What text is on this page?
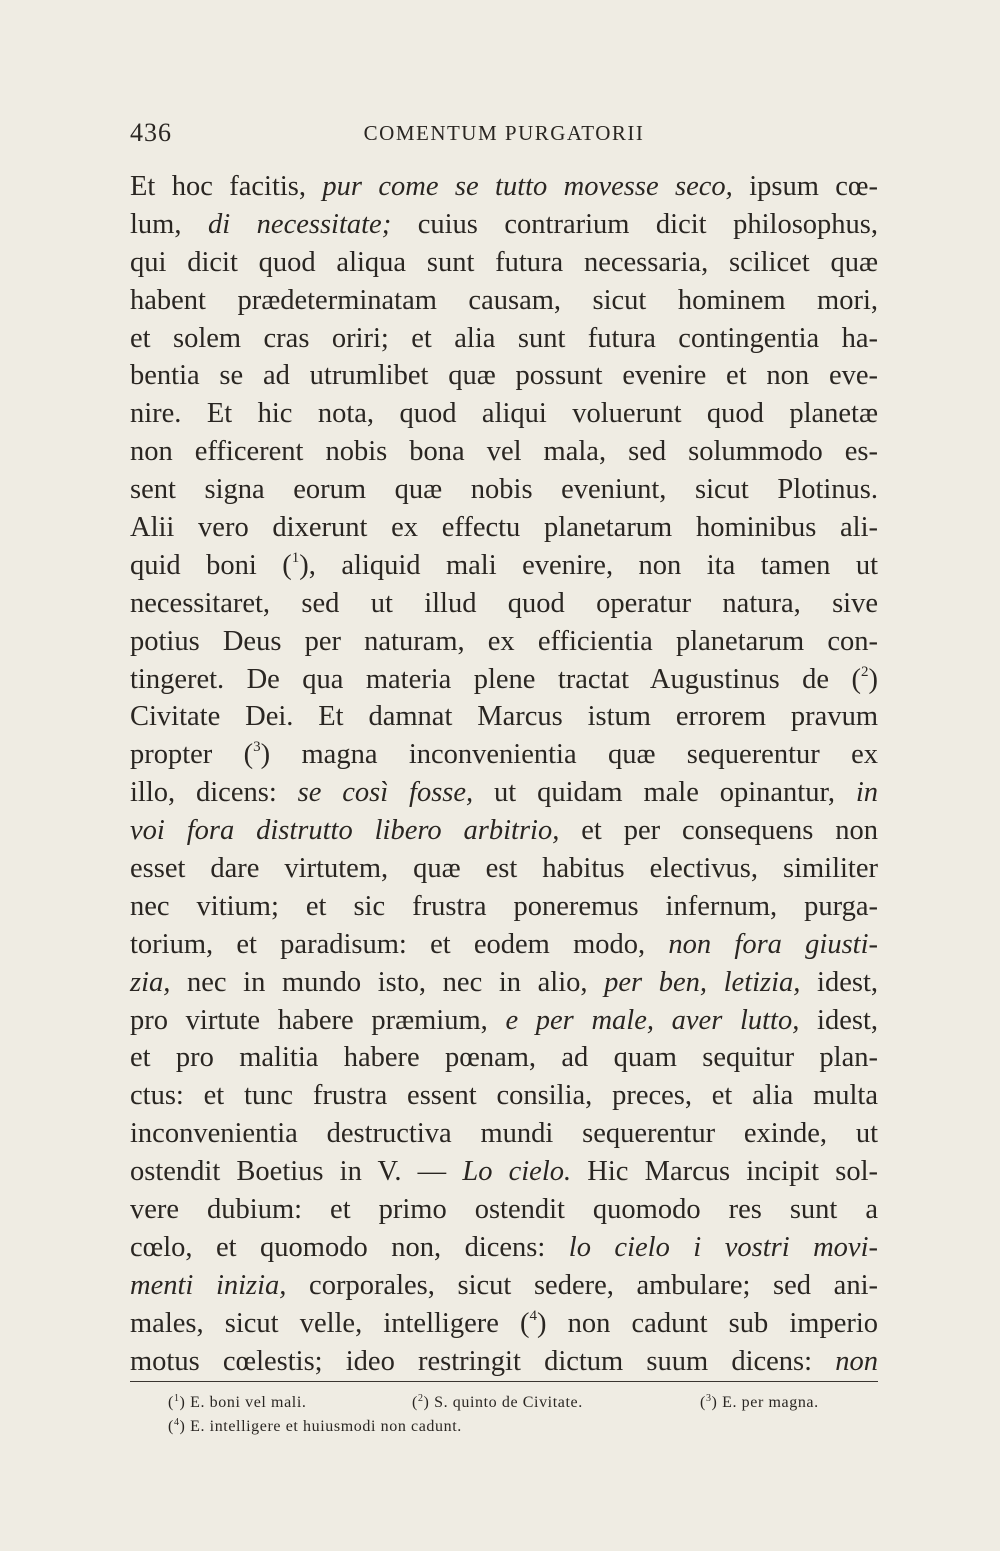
436	COMENTUM PURGATORII
Et hoc facitis, pur come se tutto movesse seco, ipsum cœ-
lum, di necessitate; cuius contrarium dicit philosophus,
qui dicit quod aliqua sunt futura necessaria, scilicet quæ
habent prædeterminatam causam, sicut hominem mori,
et solem cras oriri; et alia sunt futura contingentia ha-
bentia se ad utrumlibet quæ possunt evenire et non eve-
nire. Et hic nota, quod aliqui voluerunt quod planetæ
non efficerent nobis bona vel mala, sed solummodo es-
sent signa eorum quæ nobis eveniunt, sicut Plotinus.
Alii vero dixerunt ex effectu planetarum hominibus ali-
quid boni ($^1$), aliquid mali evenire, non ita tamen ut
necessitaret, sed ut illud quod operatur natura, sive
potius Deus per naturam, ex efficientia planetarum con-
tingeret. De qua materia plene tractat Augustinus de ($^2$)
Civitate Dei. Et damnat Marcus istum errorem pravum
propter ($^3$) magna inconvenientia quæ sequerentur ex
illo, dicens: se così fosse, ut quidam male opinantur, in
voi fora distrutto libero arbitrio, et per consequens non
esset dare virtutem, quæ est habitus electivus, similiter
nec vitium; et sic frustra poneremus infernum, purga-
torium, et paradisum: et eodem modo, non fora giusti-
zia, nec in mundo isto, nec in alio, per ben, letizia, idest,
pro virtute habere præmium, e per male, aver lutto, idest,
et pro malitia habere pœnam, ad quam sequitur plan-
ctus: et tunc frustra essent consilia, preces, et alia multa
inconvenientia destructiva mundi sequerentur exinde, ut
ostendit Boetius in V. — Lo cielo. Hic Marcus incipit sol-
vere dubium: et primo ostendit quomodo res sunt a
cœlo, et quomodo non, dicens: lo cielo i vostri movi-
menti inizia, corporales, sicut sedere, ambulare; sed ani-
males, sicut velle, intelligere ($^4$) non cadunt sub imperio
motus cœlestis; ideo restringit dictum suum dicens: non
($^1$) E. boni vel mali.	($^2$) S. quinto de Civitate.	($^3$) E. per magna.
($^4$) E. intelligere et huiusmodi non cadunt.
